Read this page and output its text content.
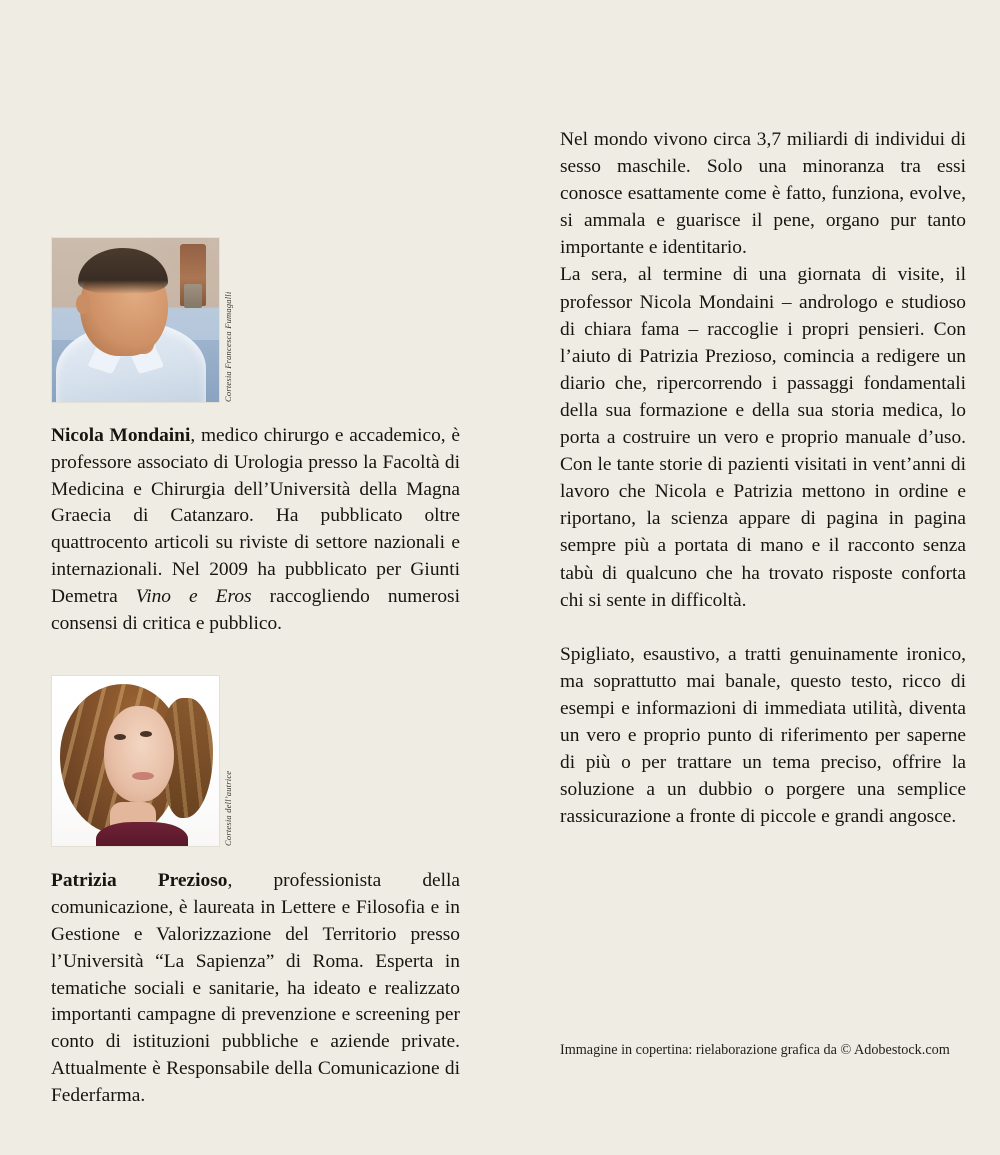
Cortesia Francesca Fumagalli

Nicola Mondaini, medico chirurgo e accademico, è professore associato di Urologia presso la Facoltà di Medicina e Chirurgia dell’Università della Magna Graecia di Catanzaro. Ha pubblicato oltre quattrocento articoli su riviste di settore nazionali e internazionali. Nel 2009 ha pubblicato per Giunti Demetra Vino e Eros raccogliendo numerosi consensi di critica e pubblico.

Cortesia dell’autrice

Patrizia Prezioso, professionista della comunicazione, è laureata in Lettere e Filosofia e in Gestione e Valorizzazione del Territorio presso l’Università “La Sapienza” di Roma. Esperta in tematiche sociali e sanitarie, ha ideato e realizzato importanti campagne di prevenzione e screening per conto di istituzioni pubbliche e aziende private. Attualmente è Responsabile della Comunicazione di Federfarma.

Nel mondo vivono circa 3,7 miliardi di individui di sesso maschile. Solo una minoranza tra essi conosce esattamente come è fatto, funziona, evolve, si ammala e guarisce il pene, organo pur tanto importante e identitario.

La sera, al termine di una giornata di visite, il professor Nicola Mondaini – andrologo e studioso di chiara fama – raccoglie i propri pensieri. Con l’aiuto di Patrizia Prezioso, comincia a redigere un diario che, ripercorrendo i passaggi fondamentali della sua formazione e della sua storia medica, lo porta a costruire un vero e proprio manuale d’uso. Con le tante storie di pazienti visitati in vent’anni di lavoro che Nicola e Patrizia mettono in ordine e riportano, la scienza appare di pagina in pagina sempre più a portata di mano e il racconto senza tabù di qualcuno che ha trovato risposte conforta chi si sente in difficoltà.

Spigliato, esaustivo, a tratti genuinamente ironico, ma soprattutto mai banale, questo testo, ricco di esempi e informazioni di immediata utilità, diventa un vero e proprio punto di riferimento per saperne di più o per trattare un tema preciso, offrire la soluzione a un dubbio o porgere una semplice rassicurazione a fronte di piccole e grandi angosce.

Immagine in copertina: rielaborazione grafica da © Adobestock.com
